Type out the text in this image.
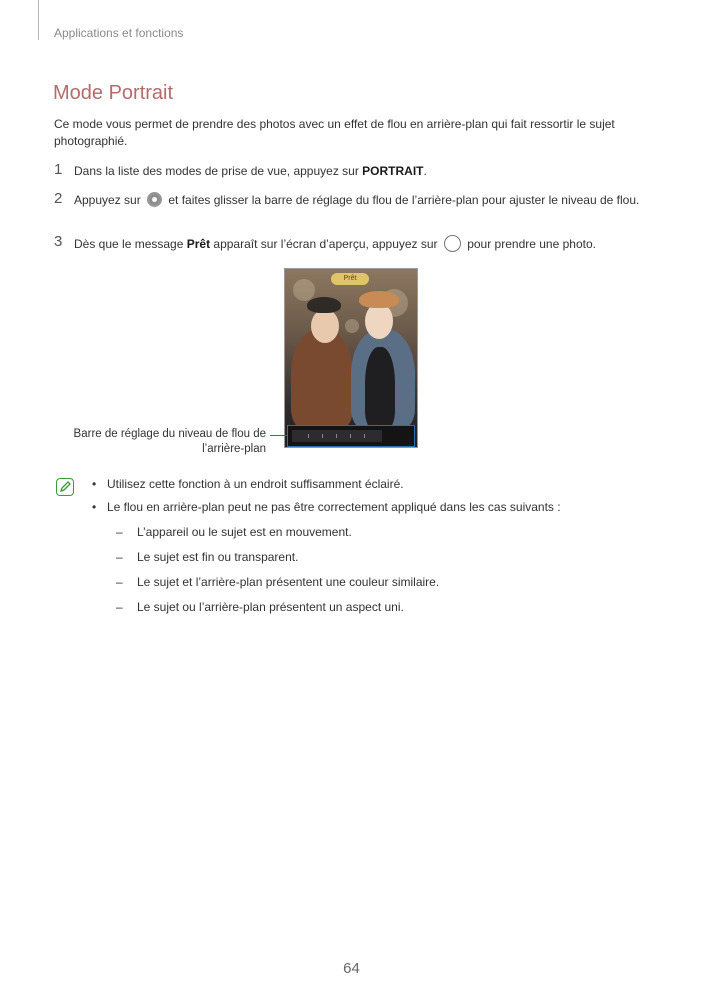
Applications et fonctions
Mode Portrait
Ce mode vous permet de prendre des photos avec un effet de flou en arrière-plan qui fait ressortir le sujet photographié.
1 Dans la liste des modes de prise de vue, appuyez sur PORTRAIT.
2 Appuyez sur  et faites glisser la barre de réglage du flou de l’arrière-plan pour ajuster le niveau de flou.
3 Dès que le message Prêt apparaît sur l’écran d’aperçu, appuyez sur  pour prendre une photo.
Prêt
Barre de réglage du niveau de flou de l’arrière-plan
• Utilisez cette fonction à un endroit suffisamment éclairé.
• Le flou en arrière-plan peut ne pas être correctement appliqué dans les cas suivants :
– L’appareil ou le sujet est en mouvement.
– Le sujet est fin ou transparent.
– Le sujet et l’arrière-plan présentent une couleur similaire.
– Le sujet ou l’arrière-plan présentent un aspect uni.
64
